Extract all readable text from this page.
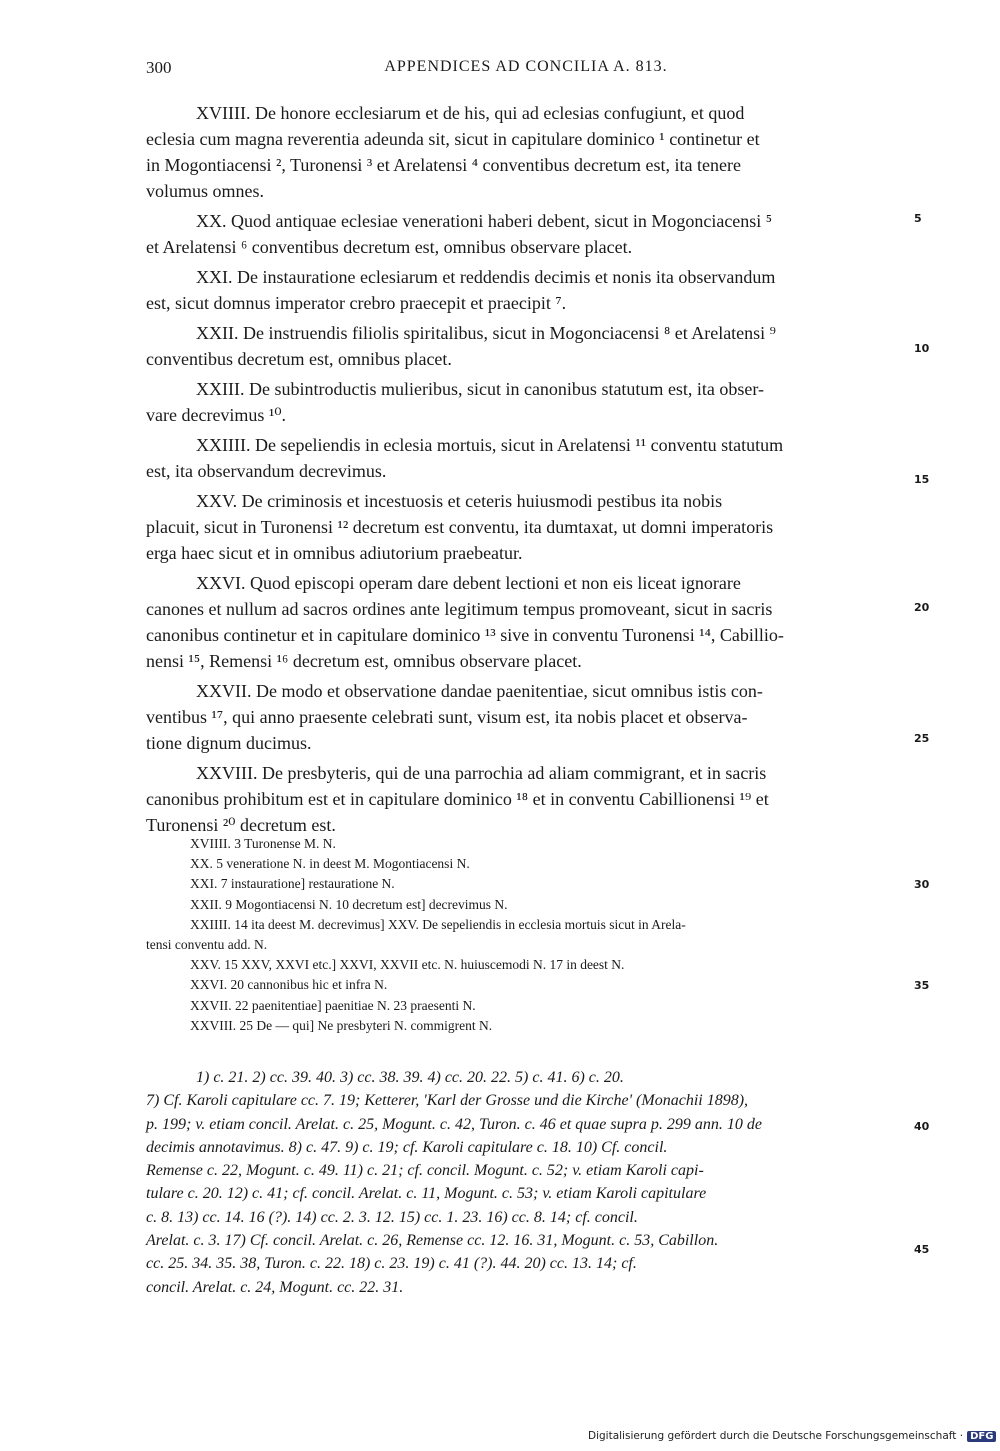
300	APPENDICES AD CONCILIA A. 813.

XVIIII. De honore ecclesiarum et de his, qui ad eclesias confugiunt, et quod
eclesia cum magna reverentia adeunda sit, sicut in capitulare dominico ¹ continetur et
in Mogontiacensi ², Turonensi ³ et Arelatensi ⁴ conventibus decretum est, ita tenere
volumus omnes.

XX. Quod antiquae eclesiae venerationi haberi debent, sicut in Mogonciacensi ⁵
et Arelatensi ⁶ conventibus decretum est, omnibus observare placet.

XXI. De instauratione eclesiarum et reddendis decimis et nonis ita observandum
est, sicut domnus imperator crebro praecepit et praecipit ⁷.

XXII. De instruendis filiolis spiritalibus, sicut in Mogonciacensi ⁸ et Arelatensi ⁹
conventibus decretum est, omnibus placet.

XXIII. De subintroductis mulieribus, sicut in canonibus statutum est, ita obser-
vare decrevimus ¹⁰.

XXIIII. De sepeliendis in eclesia mortuis, sicut in Arelatensi ¹¹ conventu statutum
est, ita observandum decrevimus.

XXV. De criminosis et incestuosis et ceteris huiusmodi pestibus ita nobis
placuit, sicut in Turonensi ¹² decretum est conventu, ita dumtaxat, ut domni imperatoris
erga haec sicut et in omnibus adiutorium praebeatur.

XXVI. Quod episcopi operam dare debent lectioni et non eis liceat ignorare
canones et nullum ad sacros ordines ante legitimum tempus promoveant, sicut in sacris
canonibus continetur et in capitulare dominico ¹³ sive in conventu Turonensi ¹⁴, Cabillio-
nensi ¹⁵, Remensi ¹⁶ decretum est, omnibus observare placet.

XXVII. De modo et observatione dandae paenitentiae, sicut omnibus istis con-
ventibus ¹⁷, qui anno praesente celebrati sunt, visum est, ita nobis placet et observa-
tione dignum ducimus.

XXVIII. De presbyteris, qui de una parrochia ad aliam commigrant, et in sacris
canonibus prohibitum est et in capitulare dominico ¹⁸ et in conventu Cabillionensi ¹⁹ et
Turonensi ²⁰ decretum est.

XVIIII. 3 Turonense M. N.
XX. 5 veneratione N. in deest M. Mogontiacensi N.
XXI. 7 instauratione] restauratione N.
XXII. 9 Mogontiacensi N. 10 decretum est] decrevimus N.
XXIIII. 14 ita deest M. decrevimus] XXV. De sepeliendis in ecclesia mortuis sicut in Arela-
tensi conventu add. N.
XXV. 15 XXV, XXVI etc.] XXVI, XXVII etc. N. huiuscemodi N. 17 in deest N.
XXVI. 20 cannonibus hic et infra N.
XXVII. 22 paenitentiae] paenitiae N. 23 praesenti N.
XXVIII. 25 De — qui] Ne presbyteri N. commigrent N.
1) c. 21. 2) cc. 39. 40. 3) cc. 38. 39. 4) cc. 20. 22. 5) c. 41. 6) c. 20.
7) Cf. Karoli capitulare cc. 7. 19; Ketterer, 'Karl der Grosse und die Kirche' (Monachii 1898),
p. 199; v. etiam concil. Arelat. c. 25, Mogunt. c. 42, Turon. c. 46 et quae supra p. 299 ann. 10 de
decimis annotavimus. 8) c. 47. 9) c. 19; cf. Karoli capitulare c. 18. 10) Cf. concil.
Remense c. 22, Mogunt. c. 49. 11) c. 21; cf. concil. Mogunt. c. 52; v. etiam Karoli capi-
tulare c. 20. 12) c. 41; cf. concil. Arelat. c. 11, Mogunt. c. 53; v. etiam Karoli capitulare
c. 8. 13) cc. 14. 16 (?). 14) cc. 2. 3. 12. 15) cc. 1. 23. 16) cc. 8. 14; cf. concil.
Arelat. c. 3. 17) Cf. concil. Arelat. c. 26, Remense cc. 12. 16. 31, Mogunt. c. 53, Cabillon.
cc. 25. 34. 35. 38, Turon. c. 22. 18) c. 23. 19) c. 41 (?). 44. 20) cc. 13. 14; cf.
concil. Arelat. c. 24, Mogunt. cc. 22. 31.
5
10
15
20
25
30
35
40
45
Digitalisierung gefördert durch die Deutsche Forschungsgemeinschaft · DFG
